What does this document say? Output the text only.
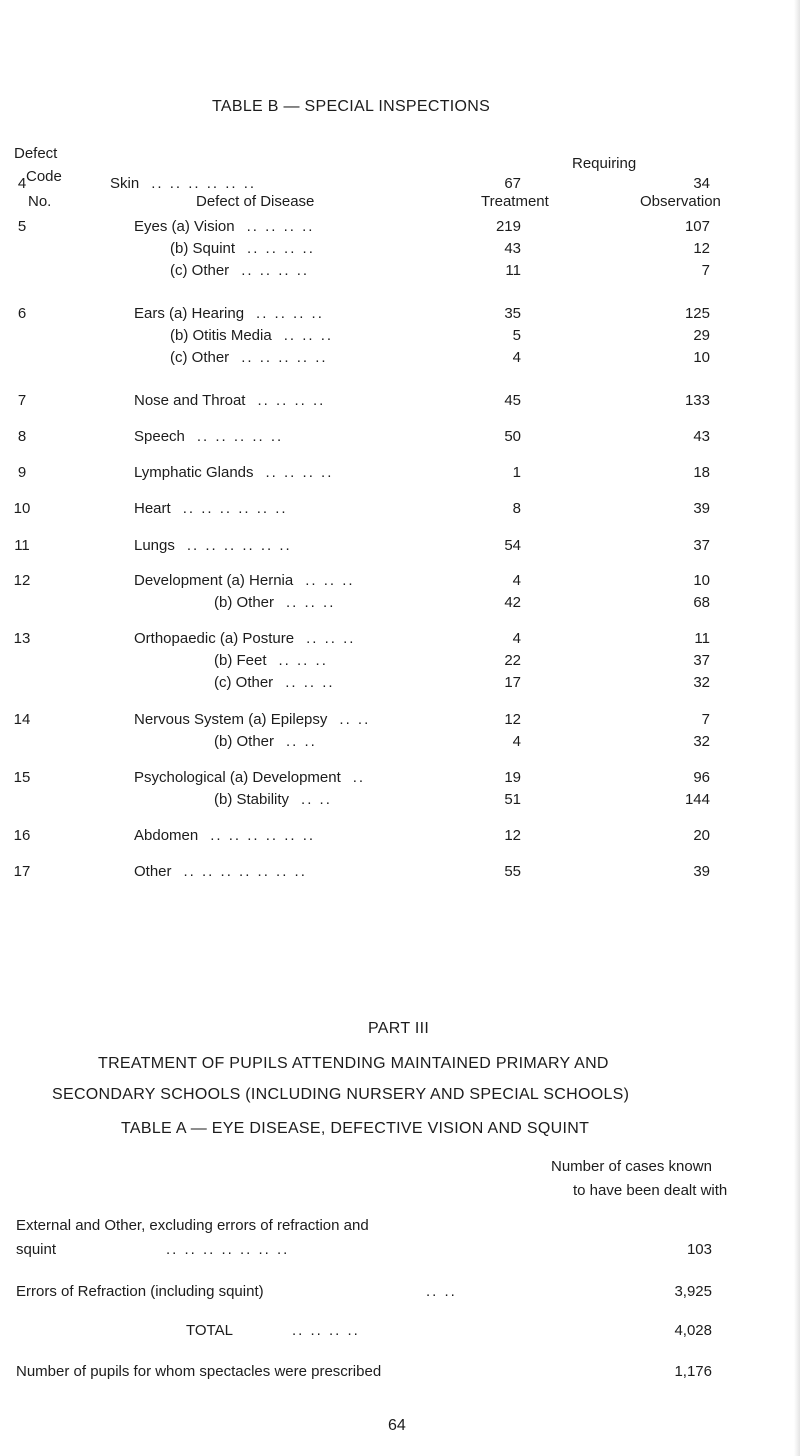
TABLE B — SPECIAL INSPECTIONS
Defect
Code
No.	Defect of Disease
Requiring
Treatment	Observation
4	Skin .. .. .. .. .. ..	67	34
5	Eyes (a) Vision .. .. .. ..	219	107
(b) Squint .. .. .. ..	43	12
(c) Other .. .. .. ..	11	7
6	Ears (a) Hearing .. .. .. ..	35	125
(b) Otitis Media .. .. ..	5	29
(c) Other .. .. .. .. ..	4	10
7	Nose and Throat .. .. .. ..	45	133
8	Speech .. .. .. .. ..	50	43
9	Lymphatic Glands .. .. .. ..	1	18
10	Heart .. .. .. .. .. ..	8	39
11	Lungs .. .. .. .. .. ..	54	37
12	Development (a) Hernia .. .. ..	4	10
(b) Other .. .. ..	42	68
13	Orthopaedic (a) Posture .. .. ..	4	11
(b) Feet .. .. ..	22	37
(c) Other .. .. ..	17	32
14	Nervous System (a) Epilepsy .. ..	12	7
(b) Other .. ..	4	32
15	Psychological (a) Development ..	19	96
(b) Stability .. ..	51	144
16	Abdomen .. .. .. .. .. ..	12	20
17	Other .. .. .. .. .. .. ..	55	39
PART III
TREATMENT OF PUPILS ATTENDING MAINTAINED PRIMARY AND
SECONDARY SCHOOLS (INCLUDING NURSERY AND SPECIAL SCHOOLS)
TABLE A — EYE DISEASE, DEFECTIVE VISION AND SQUINT
Number of cases known
to have been dealt with
External and Other, excluding errors of refraction and
squint	.. .. .. .. .. .. ..	103
Errors of Refraction (including squint)	.. ..	3,925
TOTAL	.. .. .. ..	4,028
Number of pupils for whom spectacles were prescribed	1,176
64
